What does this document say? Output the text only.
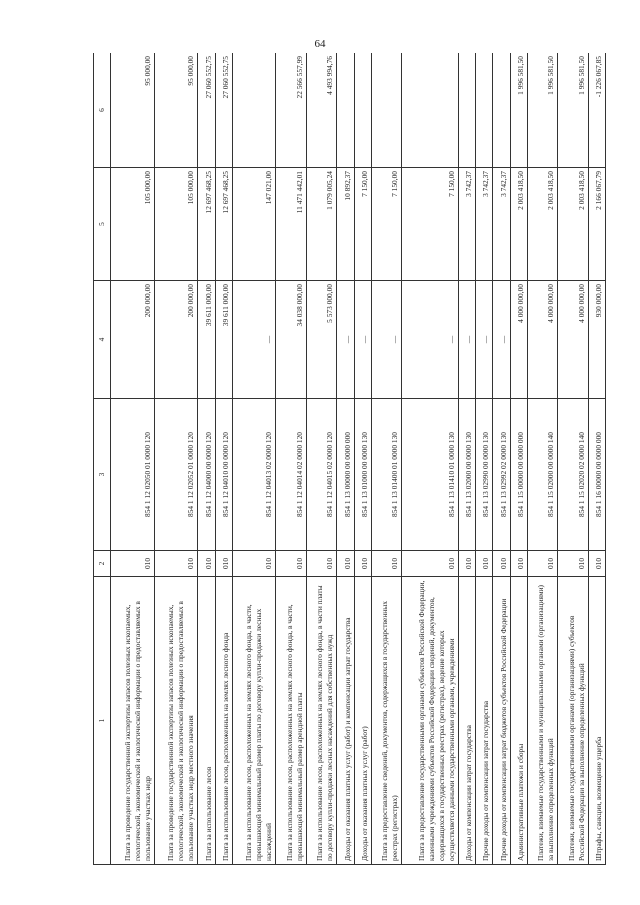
64
1	2	3	4	5	6
Плата за проведение государственной экспертизы запасов полезных ископаемых, геологической, экономической и экологической информации о предоставляемых в пользование участках недр	010	854 1 12 02050 01 0000 120	200 000,00	105 000,00	95 000,00
Плата за проведение государственной экспертизы запасов полезных ископаемых, геологической, экономической и экологической информации о предоставляемых в пользование участках недр местного значения	010	854 1 12 02052 01 0000 120	200 000,00	105 000,00	95 000,00
Плата за использование лесов	010	854 1 12 04000 00 0000 120	39 611 000,00	12 697 468,25	27 060 552,75
Плата за использование лесов, расположенных на землях лесного фонда	010	854 1 12 04010 00 0000 120	39 611 000,00	12 697 468,25	27 060 552,75
Плата за использование лесов, расположенных на землях лесного фонда, в части, превышающей минимальный размер платы по договору купли-продажи лесных насаждений	010	854 1 12 04013 02 0000 120	—	147 021,00	
Плата за использование лесов, расположенных на землях лесного фонда, в части, превышающей минимальный размер арендной платы	010	854 1 12 04014 02 0000 120	34 038 000,00	11 471 442,01	22 566 557,99
Плата за использование лесов, расположенных на землях лесного фонда, в части платы по договору купли-продажи лесных насаждений для собственных нужд	010	854 1 12 04015 02 0000 120	5 573 000,00	1 079 005,24	4 493 994,76
Доходы от оказания платных услуг (работ) и компенсации затрат государства	010	854 1 13 00000 00 0000 000	—	10 892,37	
Доходы от оказания платных услуг (работ)	010	854 1 13 01000 00 0000 130	—	7 150,00	
Плата за предоставление сведений, документов, содержащихся в государственных реестрах (регистрах)	010	854 1 13 01400 01 0000 130	—	7 150,00	
Плата за предоставление государственными органами субъектов Российской Федерации, казенными учреждениями субъектов Российской Федерации сведений, документов, содержащихся в государственных реестрах (регистрах), ведение которых осуществляется данными государственными органами, учреждениями	010	854 1 13 01410 01 0000 130	—	7 150,00	
Доходы от компенсации затрат государства	010	854 1 13 02000 00 0000 130	—	3 742,37	
Прочие доходы от компенсации затрат государства	010	854 1 13 02990 00 0000 130	—	3 742,37	
Прочие доходы от компенсации затрат бюджетов субъектов Российской Федерации	010	854 1 13 02992 02 0000 130	—	3 742,37	
Административные платежи и сборы	010	854 1 15 00000 00 0000 000	4 000 000,00	2 003 418,50	1 996 581,50
Платежи, взимаемые государственными и муниципальными органами (организациями) за выполнение определенных функций	010	854 1 15 02000 00 0000 140	4 000 000,00	2 003 418,50	1 996 581,50
Платежи, взимаемые государственными органами (организациями) субъектов Российской Федерации за выполнение определенных функций	010	854 1 15 02020 02 0000 140	4 000 000,00	2 003 418,50	1 996 581,50
Штрафы, санкции, возмещение ущерба	010	854 1 16 00000 00 0000 000	930 000,00	2 166 067,79	-1 226 067,85
